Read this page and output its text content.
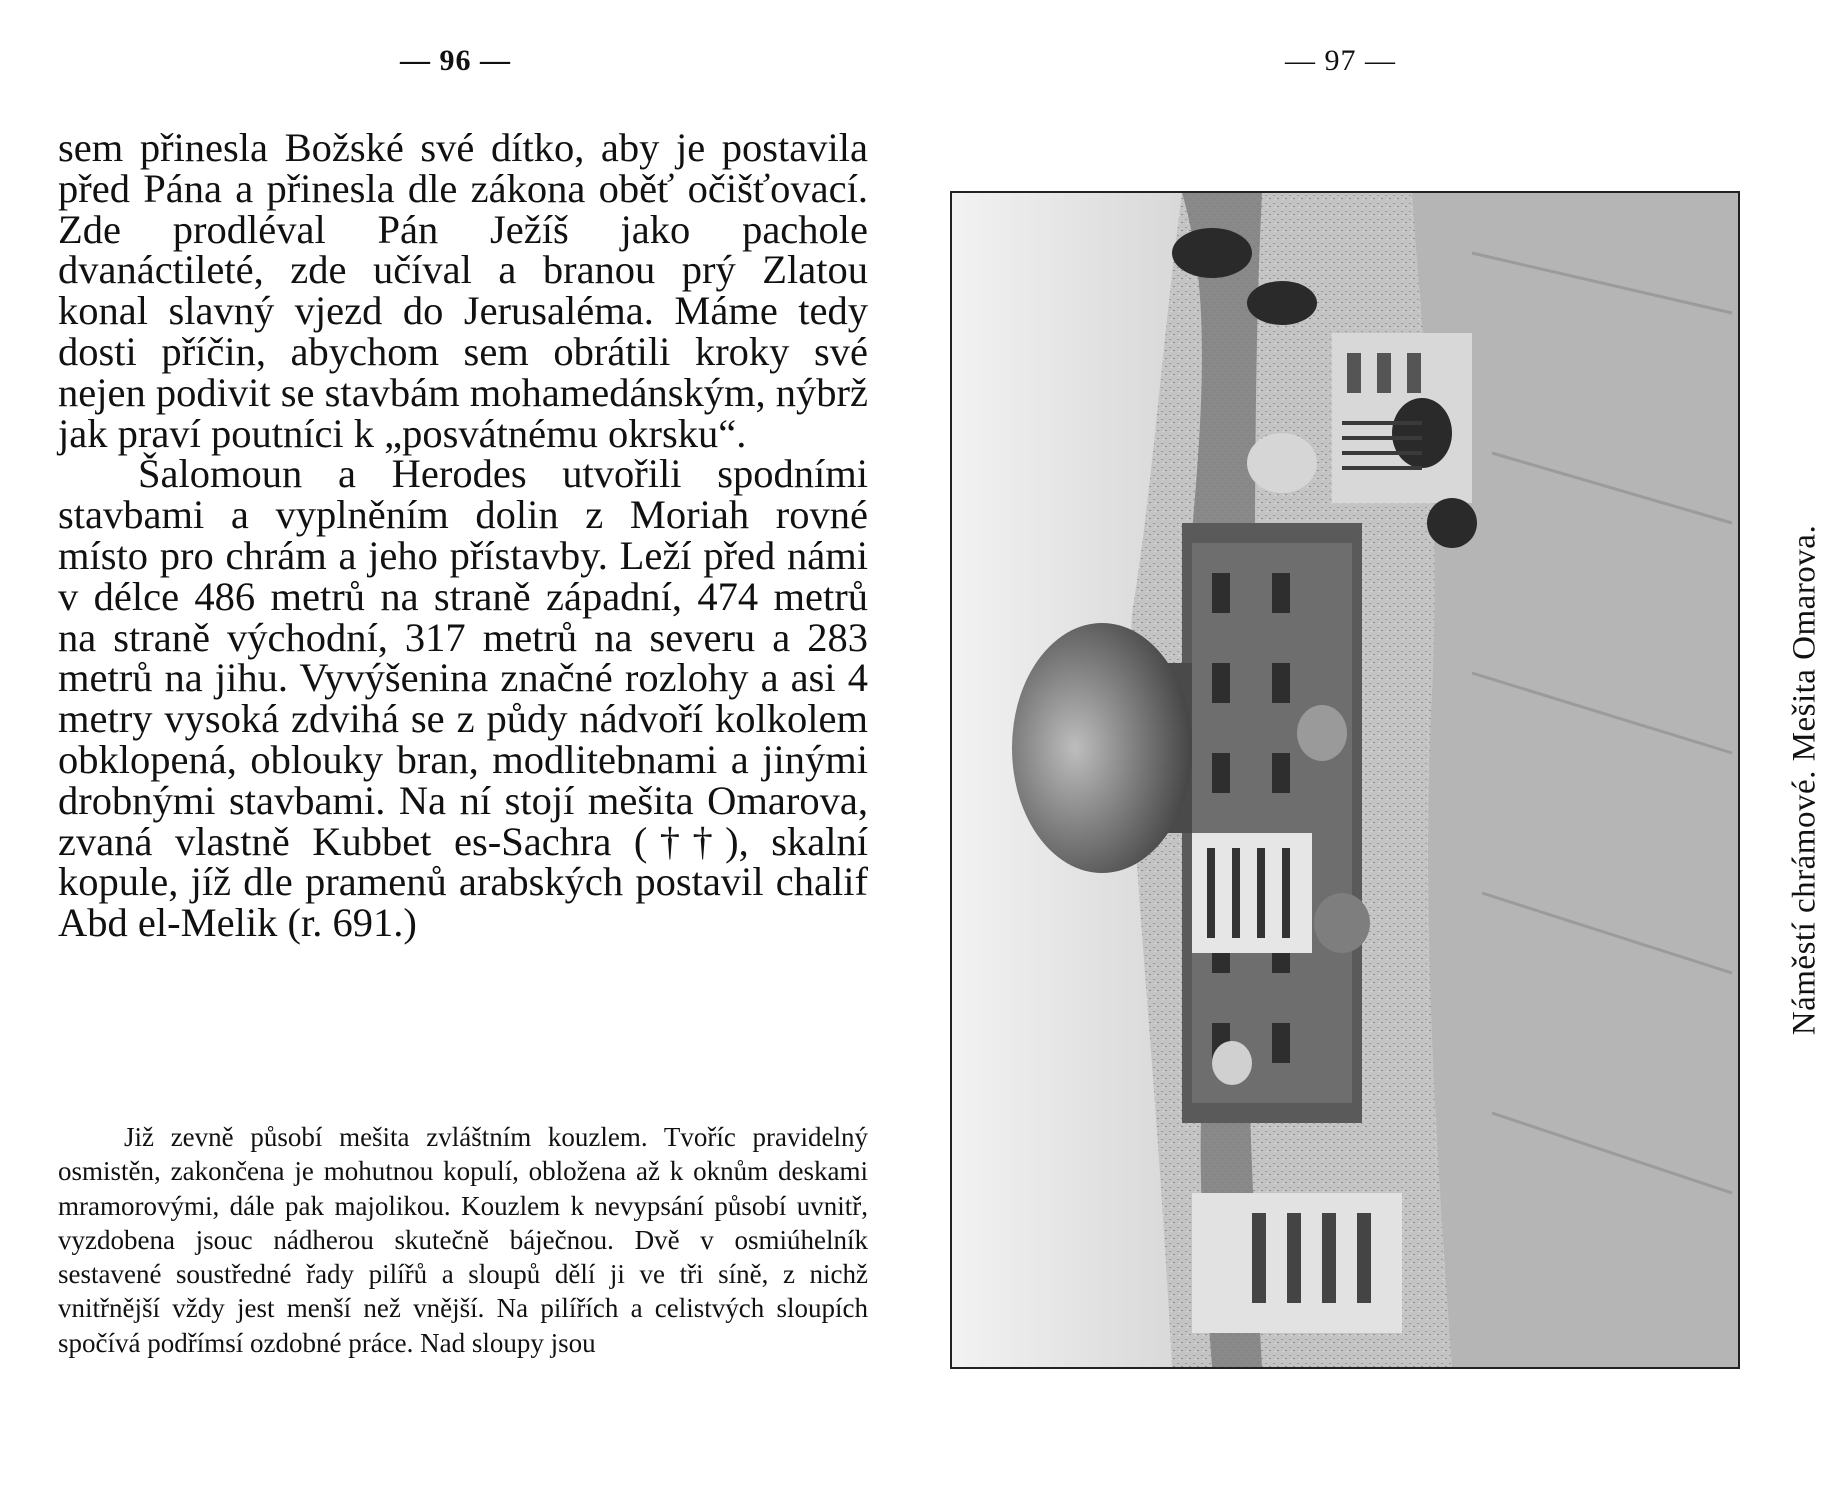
— 96 —

sem přinesla Božské své dítko, aby je postavila před Pána a přinesla dle zákona oběť očišťovací. Zde prodléval Pán Ježíš jako pachole dvanáctileté, zde učíval a branou prý Zlatou konal slavný vjezd do Jerusaléma. Máme tedy dosti příčin, abychom sem obrátili kroky své nejen podivit se stavbám mohamedánským, nýbrž jak praví poutníci k „posvátnému okrsku“.

Šalomoun a Herodes utvořili spodními stavbami a vyplněním dolin z Moriah rovné místo pro chrám a jeho přístavby. Leží před námi v délce 486 metrů na straně západní, 474 metrů na straně východní, 317 metrů na severu a 283 metrů na jihu. Vyvýšenina značné rozlohy a asi 4 metry vysoká zdvihá se z půdy nádvoří kolkolem obklopená, oblouky bran, modlitebnami a jinými drobnými stavbami. Na ní stojí mešita Omarova, zvaná vlastně Kubbet es-Sachra (††), skalní kopule, jíž dle pramenů arabských postavil chalif Abd el-Melik (r. 691.)

Již zevně působí mešita zvláštním kouzlem. Tvoříc pravidelný osmistěn, zakončena je mohutnou kopulí, obložena až k oknům deskami mramorovými, dále pak majolikou. Kouzlem k nevypsání působí uvnitř, vyzdobena jsouc nádherou skutečně báječnou. Dvě v osmiúhelník sestavené soustředné řady pilířů a sloupů dělí ji ve tři síně, z nichž vnitřnější vždy jest menší než vnější. Na pilířích a celistvých sloupích spočívá podřímsí ozdobné práce. Nad sloupy jsou

— 97 —
Náměstí chrámové. Mešita Omarova.
